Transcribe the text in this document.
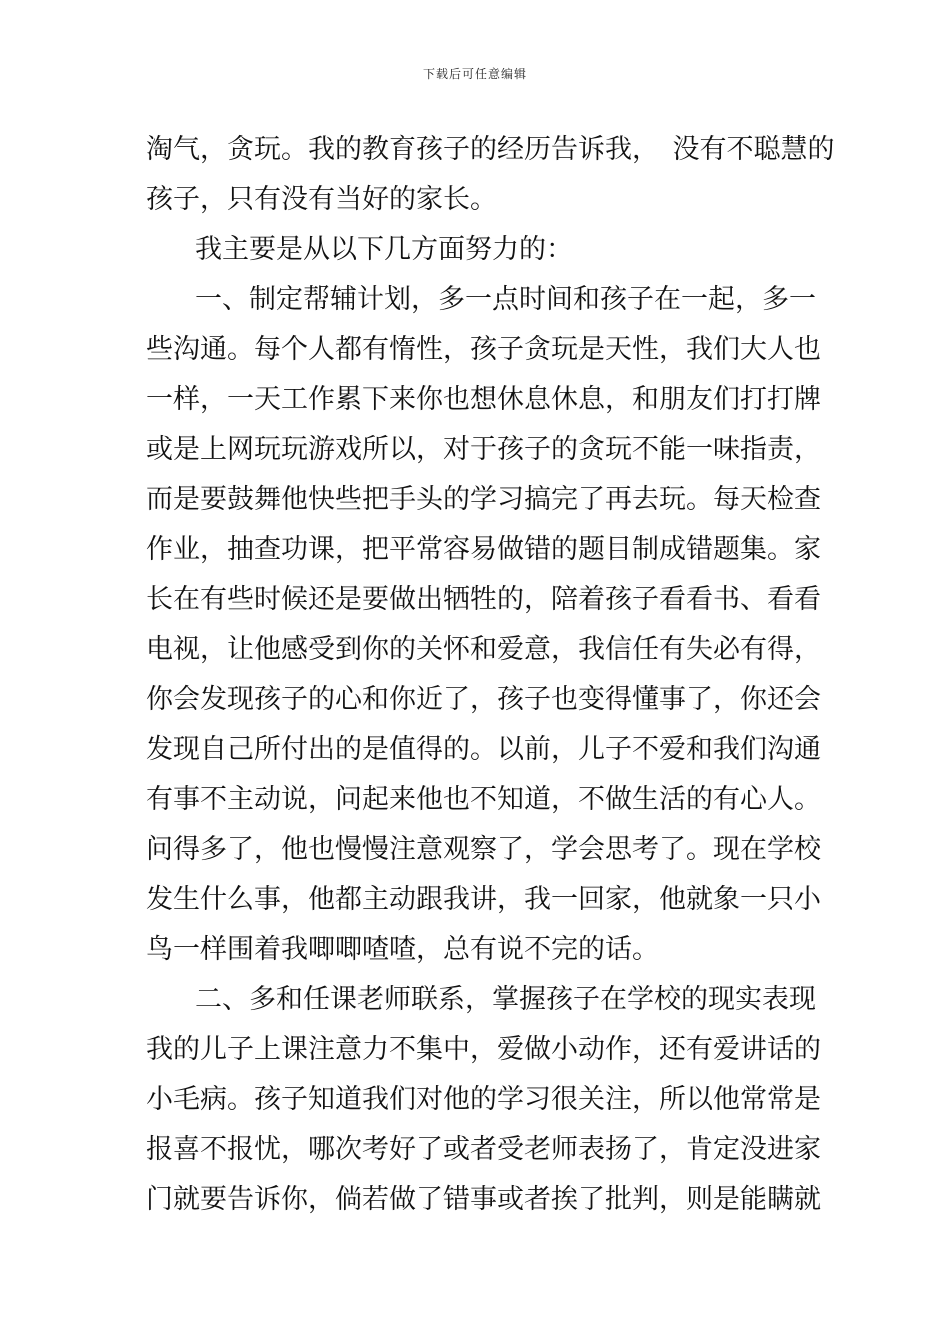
下载后可任意编辑
淘气，贪玩。我的教育孩子的经历告诉我，　没有不聪慧的
孩子，只有没有当好的家长。
我主要是从以下几方面努力的：
一、制定帮辅计划，多一点时间和孩子在一起，多一
些沟通。每个人都有惰性，孩子贪玩是天性，我们大人也
一样，一天工作累下来你也想休息休息，和朋友们打打牌
或是上网玩玩游戏所以，对于孩子的贪玩不能一味指责，
而是要鼓舞他快些把手头的学习搞完了再去玩。每天检查
作业，抽查功课，把平常容易做错的题目制成错题集。家
长在有些时候还是要做出牺牲的，陪着孩子看看书、看看
电视，让他感受到你的关怀和爱意，我信任有失必有得，
你会发现孩子的心和你近了，孩子也变得懂事了，你还会
发现自己所付出的是值得的。以前，儿子不爱和我们沟通
有事不主动说，问起来他也不知道，不做生活的有心人。
问得多了，他也慢慢注意观察了，学会思考了。现在学校
发生什么事，他都主动跟我讲，我一回家，他就象一只小
鸟一样围着我唧唧喳喳，总有说不完的话。
二、多和任课老师联系，掌握孩子在学校的现实表现
我的儿子上课注意力不集中，爱做小动作，还有爱讲话的
小毛病。孩子知道我们对他的学习很关注，所以他常常是
报喜不报忧，哪次考好了或者受老师表扬了，肯定没进家
门就要告诉你，倘若做了错事或者挨了批判，则是能瞒就
